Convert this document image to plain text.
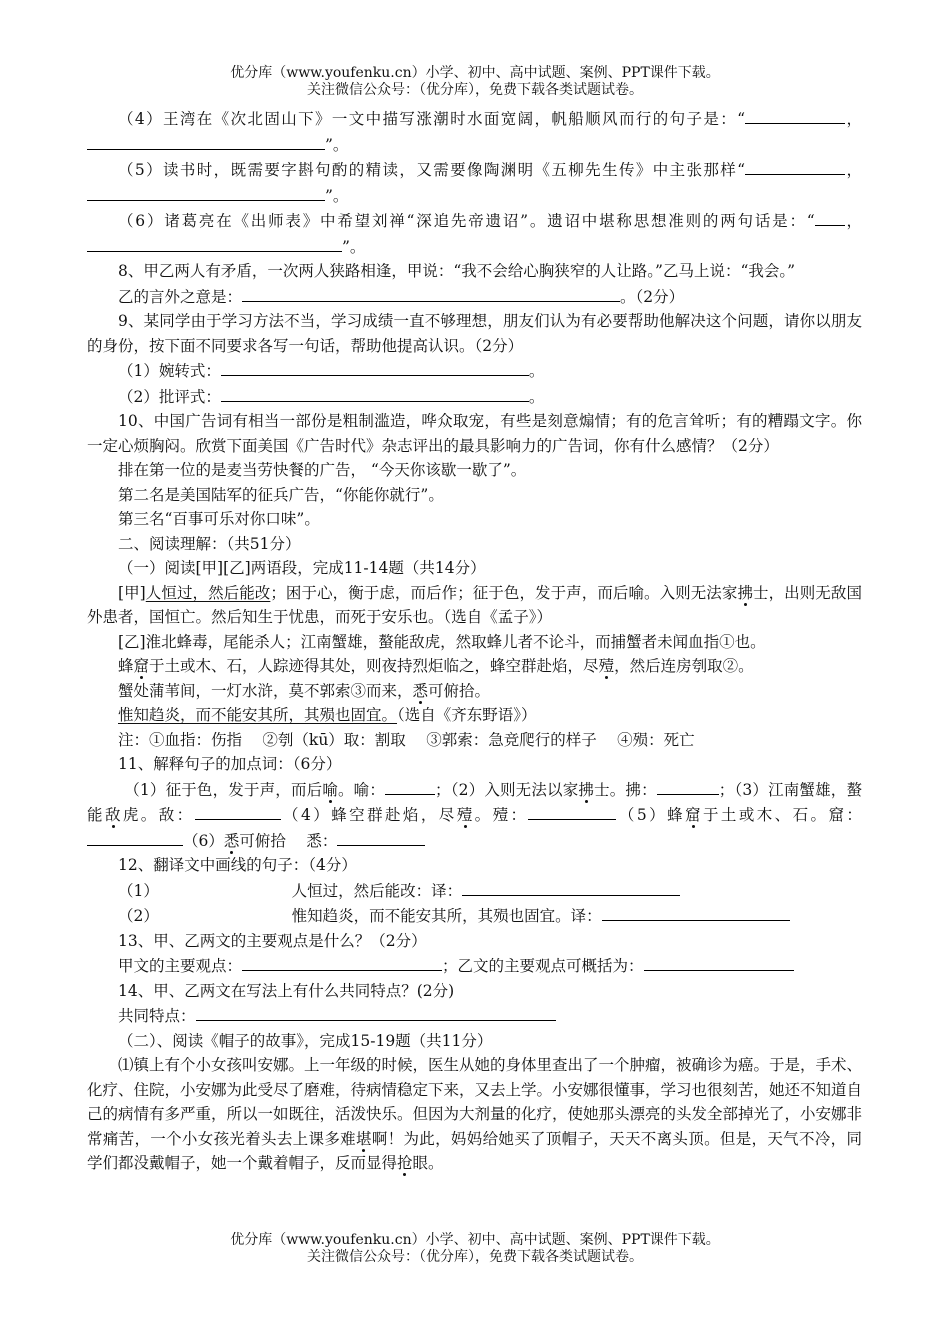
优分库（www.youfenku.cn）小学、初中、高中试题、案例、PPT课件下载。
关注微信公众号：（优分库），免费下载各类试题试卷。

（4）王湾在《次北固山下》一文中描写涨潮时水面宽阔，帆船顺风而行的句子是：“	，”。

（5）读书时，既需要字斟句酌的精读，又需要像陶渊明《五柳先生传》中主张那样“	，”。

（6）诸葛亮在《出师表》中希望刘禅“深追先帝遗诏”。遗诏中堪称思想准则的两句话是：“ ，”。

8、甲乙两人有矛盾，一次两人狭路相逢，甲说：“我不会给心胸狭窄的人让路。”乙马上说：“我会。”

乙的言外之意是：	。（2分）

9、某同学由于学习方法不当，学习成绩一直不够理想，朋友们认为有必要帮助他解决这个问题，请你以朋友的身份，按下面不同要求各写一句话，帮助他提高认识。（2分）

（1）婉转式：	。

（2）批评式：	。

10、中国广告词有相当一部份是粗制滥造，哗众取宠，有些是刻意煽情；有的危言耸听；有的糟蹋文字。你一定心烦胸闷。欣赏下面美国《广告时代》杂志评出的最具影响力的广告词，你有什么感情？（2分）

排在第一位的是麦当劳快餐的广告， “今天你该歇一歇了”。

第二名是美国陆军的征兵广告，“你能你就行”。

第三名“百事可乐对你口味”。

二、阅读理解：（共51分）

（一）阅读[甲][乙]两语段，完成11-14题（共14分）

[甲]人恒过，然后能改；困于心，衡于虑，而后作；征于色，发于声，而后喻。入则无法家拂士，出则无敌国外患者，国恒亡。然后知生于忧患，而死于安乐也。（选自《孟子》）

[乙]淮北蜂毒，尾能杀人；江南蟹雄，螯能敌虎，然取蜂儿者不论斗，而捕蟹者未闻血指①也。

蜂窟于土或木、石，人踪迹得其处，则夜持烈炬临之，蜂空群赴焰，尽殪，然后连房刳取②。

蟹处蒲苇间，一灯水浒，莫不郭索③而来，悉可俯拾。

惟知趋炎，而不能安其所，其殒也固宜。（选自《齐东野语》）

注：①血指：伤指　 ②刳（kū）取：割取　 ③郭索：急竞爬行的样子　 ④殒：死亡

11、解释句子的加点词：（6分）

（1）征于色，发于声，而后喻。喻：	；（2）入则无法以家拂士。拂：	；（3）江南蟹雄，螯能敌虎。敌：	（4）蜂空群赴焰，尽殪。殪：	（5）蜂窟于土或木、石。窟：（6）悉可俯拾　 悉：

12、翻译文中画线的句子：（4分）

（1）	人恒过，然后能改：译：

（2）	惟知趋炎，而不能安其所，其殒也固宜。译：

13、甲、乙两文的主要观点是什么？（2分）

甲文的主要观点：	；乙文的主要观点可概括为：

14、甲、乙两文在写法上有什么共同特点？(2分)

共同特点：

（二）、阅读《帽子的故事》，完成15-19题（共11分）

⑴镇上有个小女孩叫安娜。上一年级的时候，医生从她的身体里查出了一个肿瘤，被确诊为癌。于是，手术、化疗、住院，小安娜为此受尽了磨难，待病情稳定下来，又去上学。小安娜很懂事，学习也很刻苦，她还不知道自己的病情有多严重，所以一如既往，活泼快乐。但因为大剂量的化疗，使她那头漂亮的头发全部掉光了，小安娜非常痛苦，一个小女孩光着头去上课多难堪啊！为此，妈妈给她买了顶帽子，天天不离头顶。但是，天气不冷，同学们都没戴帽子，她一个戴着帽子，反而显得抢眼。

优分库（www.youfenku.cn）小学、初中、高中试题、案例、PPT课件下载。
关注微信公众号：（优分库），免费下载各类试题试卷。
